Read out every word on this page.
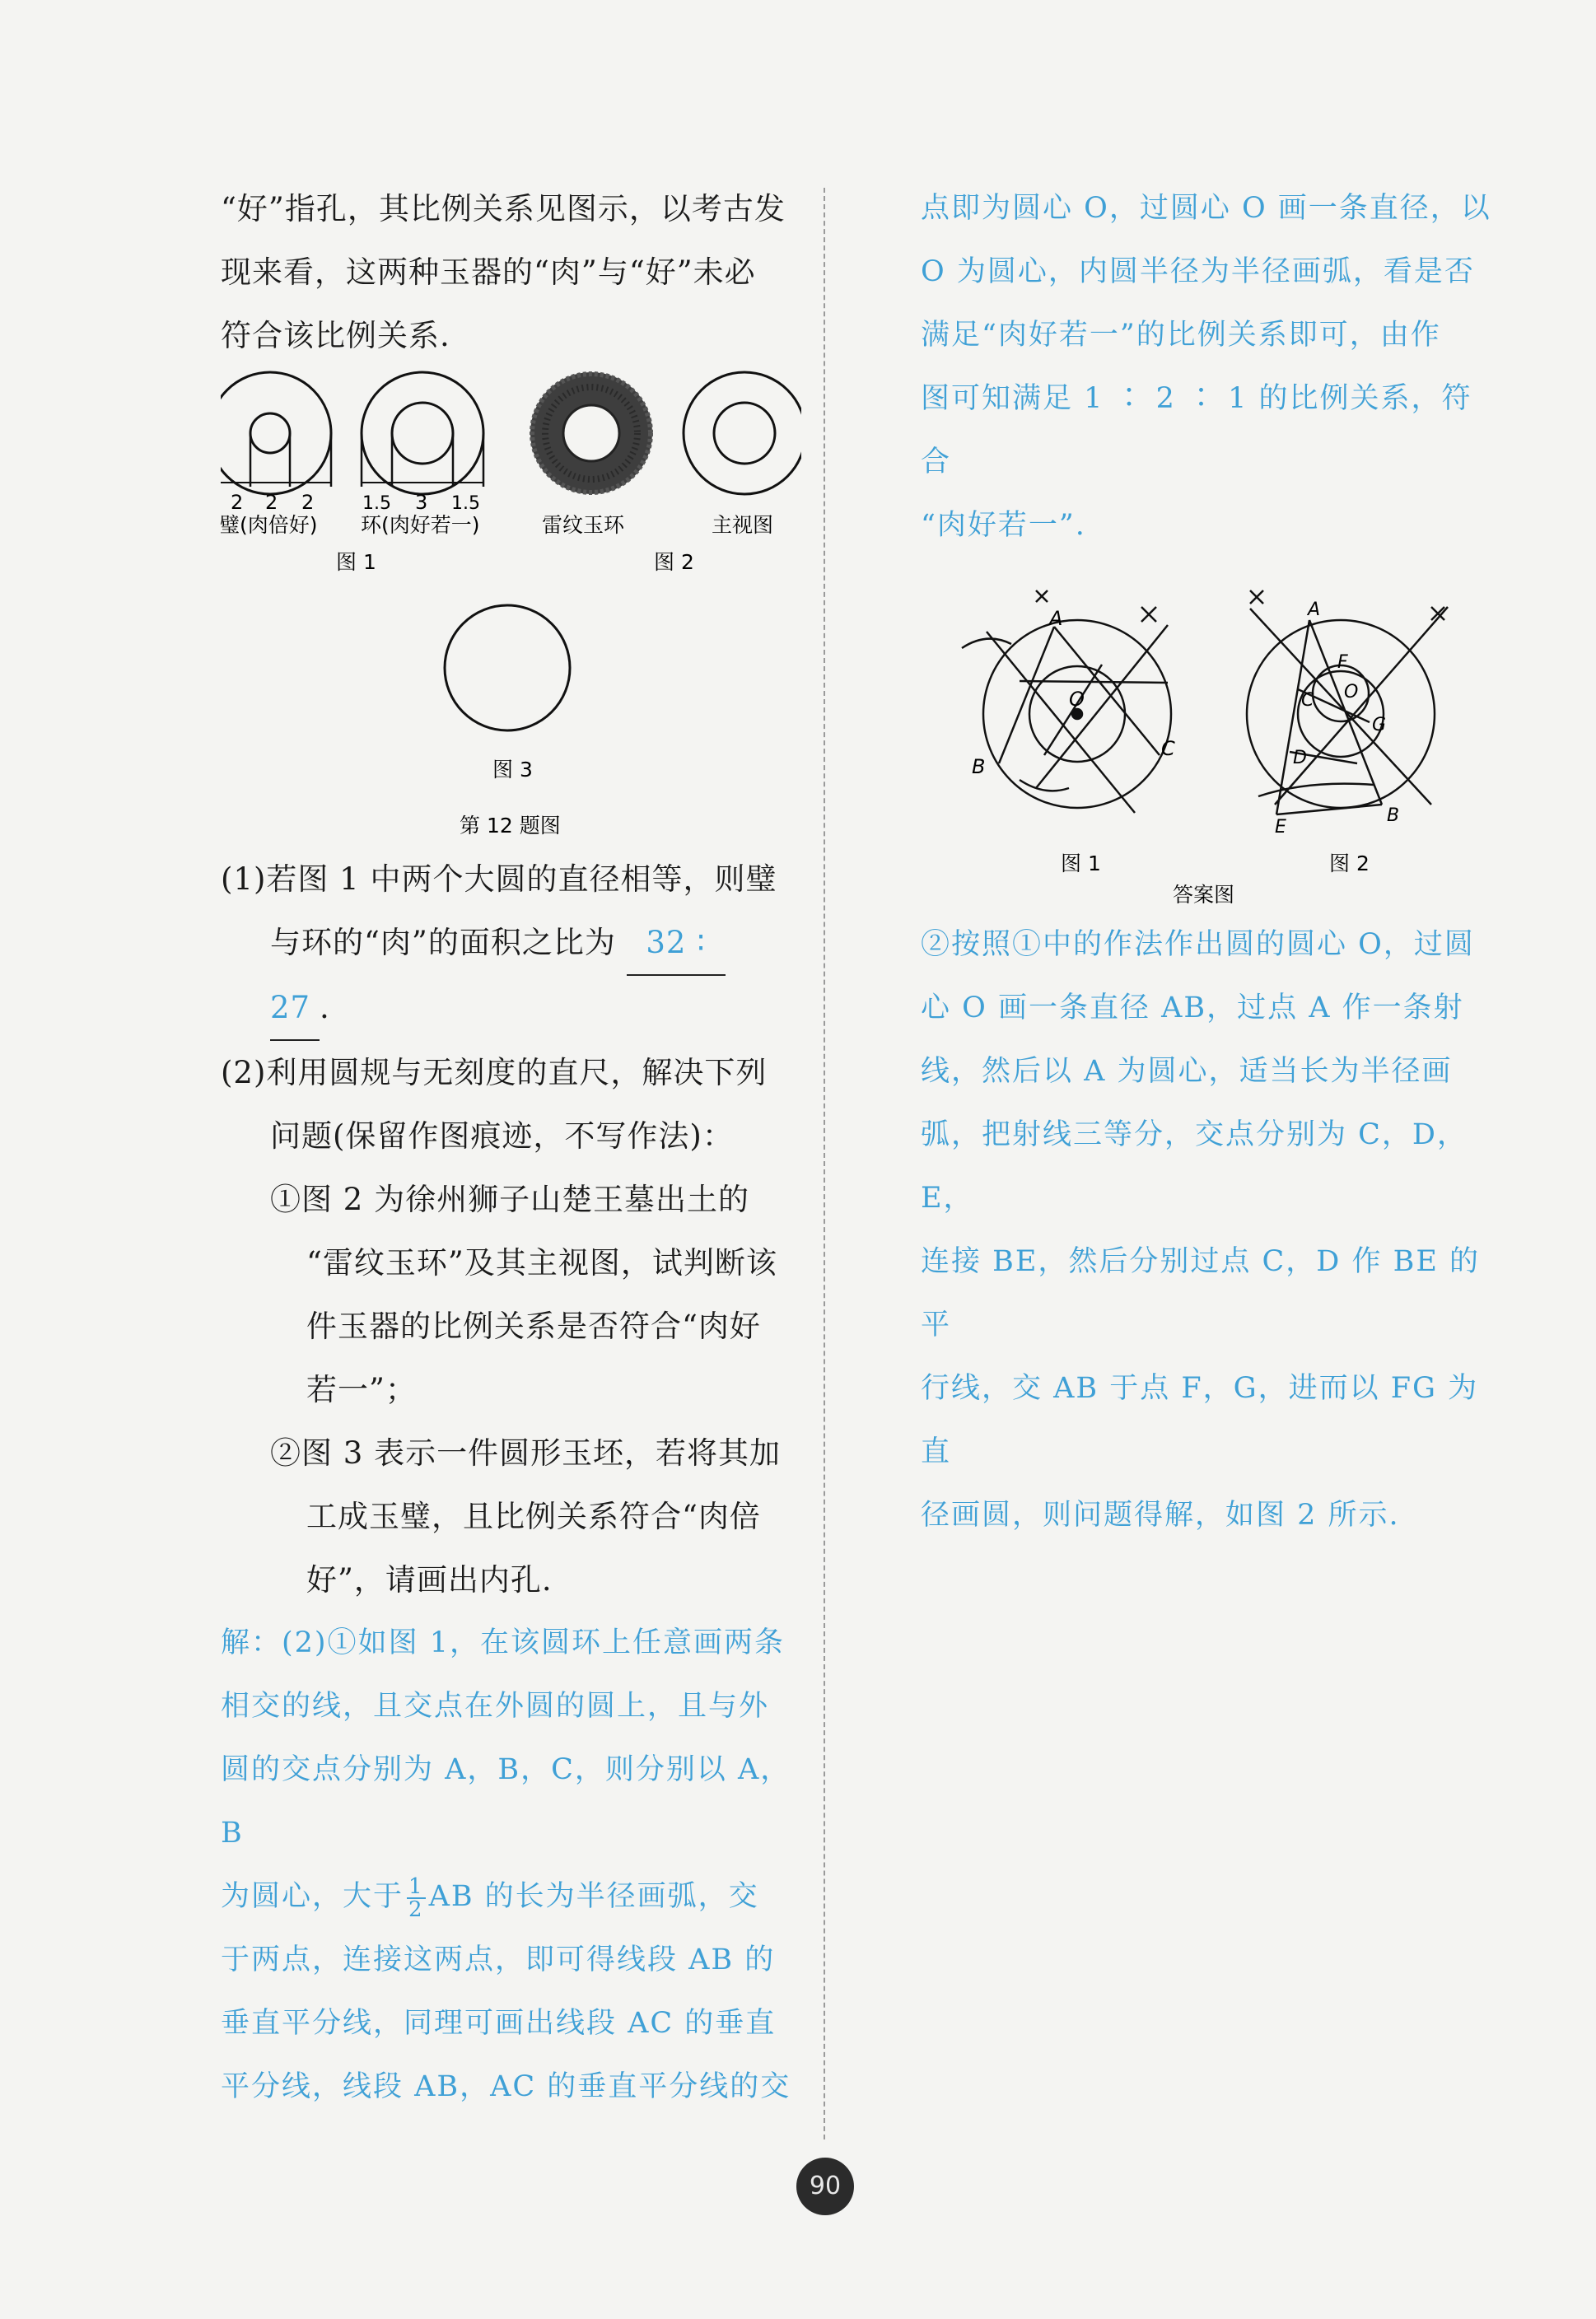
“好”指孔，其比例关系见图示，以考古发

现来看，这两种玉器的“肉”与“好”未必

符合该比例关系.

2 2 2
璧(肉倍好)
1.5 3 1.5
环(肉好若一)
图 1
雷纹玉环	主视图
图 2
图 3
第 12 题图

(1)若图 1 中两个大圆的直径相等，则璧

与环的“肉”的面积之比为 32 ∶

27 .

(2)利用圆规与无刻度的直尺，解决下列

问题(保留作图痕迹，不写作法)：

①图 2 为徐州狮子山楚王墓出土的

“雷纹玉环”及其主视图，试判断该

件玉器的比例关系是否符合“肉好

若一”；

②图 3 表示一件圆形玉坯，若将其加

工成玉璧，且比例关系符合“肉倍

好”，请画出内孔.

解：(2)①如图 1，在该圆环上任意画两条

相交的线，且交点在外圆的圆上，且与外

圆的交点分别为 A，B，C，则分别以 A，B

为圆心，大于 $\frac{1}{2}$ AB 的长为半径画弧，交

于两点，连接这两点，即可得线段 AB 的

垂直平分线，同理可画出线段 AC 的垂直

平分线，线段 AB，AC 的垂直平分线的交

点即为圆心 O，过圆心 O 画一条直径，以

O 为圆心，内圆半径为半径画弧，看是否

满足“肉好若一”的比例关系即可，由作

图可知满足 1 ∶ 2 ∶ 1 的比例关系，符合

“肉好若一”.

A
B
C
O
图 1
A
B
C
D
E
F
G
O
图 2
答案图

②按照①中的作法作出圆的圆心 O，过圆

心 O 画一条直径 AB，过点 A 作一条射

线，然后以 A 为圆心，适当长为半径画

弧，把射线三等分，交点分别为 C，D，E，

连接 BE，然后分别过点 C，D 作 BE 的平

行线，交 AB 于点 F，G，进而以 FG 为直

径画圆，则问题得解，如图 2 所示.

90
